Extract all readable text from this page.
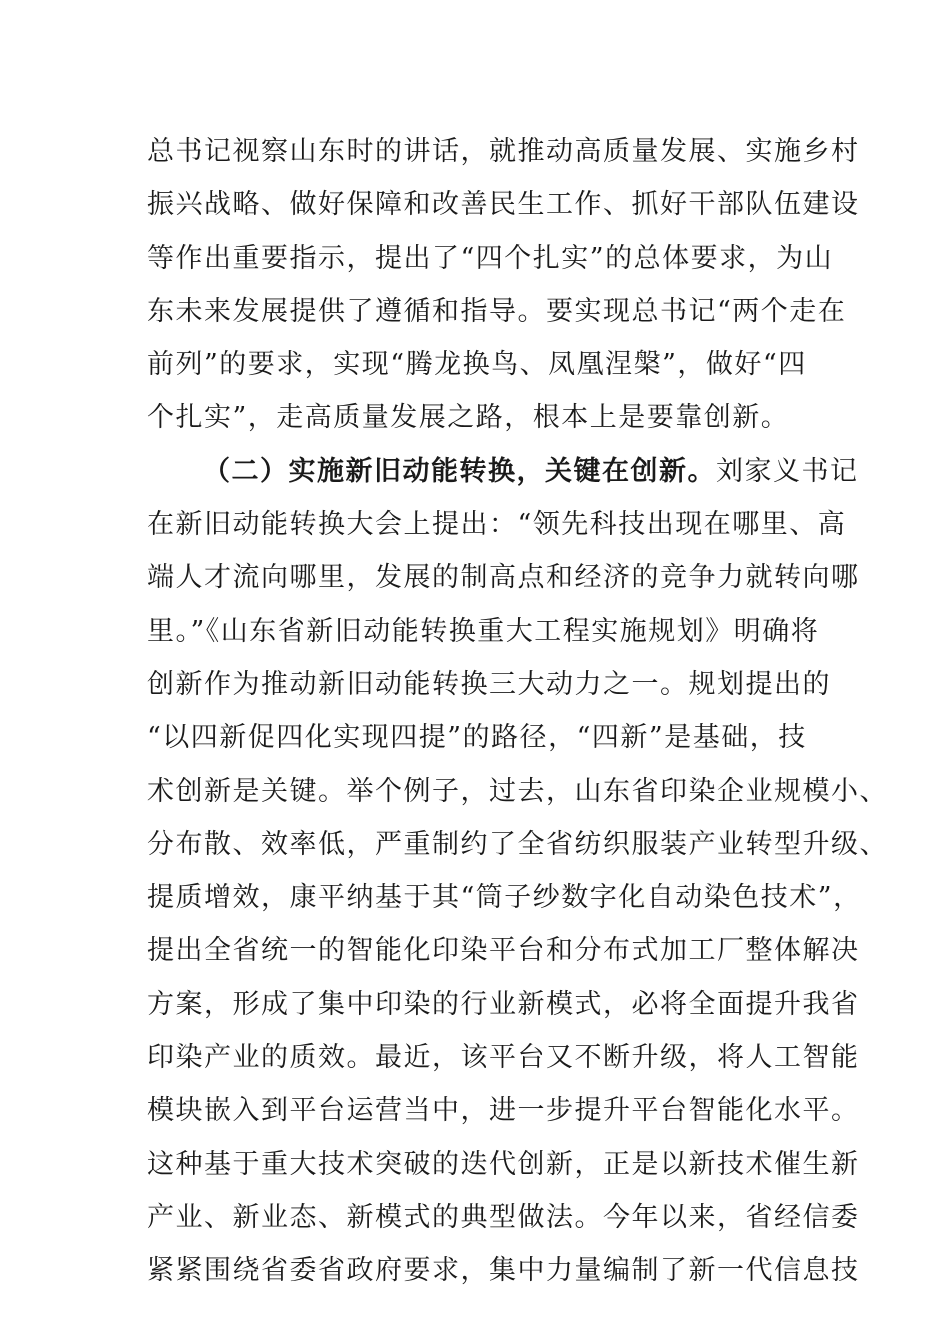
总书记视察山东时的讲话，就推动高质量发展、实施乡村
振兴战略、做好保障和改善民生工作、抓好干部队伍建设
等作出重要指示，提出了“四个扎实”的总体要求，为山
东未来发展提供了遵循和指导。要实现总书记“两个走在
前列”的要求，实现“腾龙换鸟、凤凰涅槃”，做好“四
个扎实”，走高质量发展之路，根本上是要靠创新。
（二）实施新旧动能转换，关键在创新。刘家义书记
在新旧动能转换大会上提出：“领先科技出现在哪里、高
端人才流向哪里，发展的制高点和经济的竞争力就转向哪
里。”《山东省新旧动能转换重大工程实施规划》明确将
创新作为推动新旧动能转换三大动力之一。规划提出的
“以四新促四化实现四提”的路径，“四新”是基础，技
术创新是关键。举个例子，过去，山东省印染企业规模小、
分布散、效率低，严重制约了全省纺织服装产业转型升级、
提质增效，康平纳基于其“筒子纱数字化自动染色技术”，
提出全省统一的智能化印染平台和分布式加工厂整体解决
方案，形成了集中印染的行业新模式，必将全面提升我省
印染产业的质效。最近，该平台又不断升级，将人工智能
模块嵌入到平台运营当中，进一步提升平台智能化水平。
这种基于重大技术突破的迭代创新，正是以新技术催生新
产业、新业态、新模式的典型做法。今年以来，省经信委
紧紧围绕省委省政府要求，集中力量编制了新一代信息技
